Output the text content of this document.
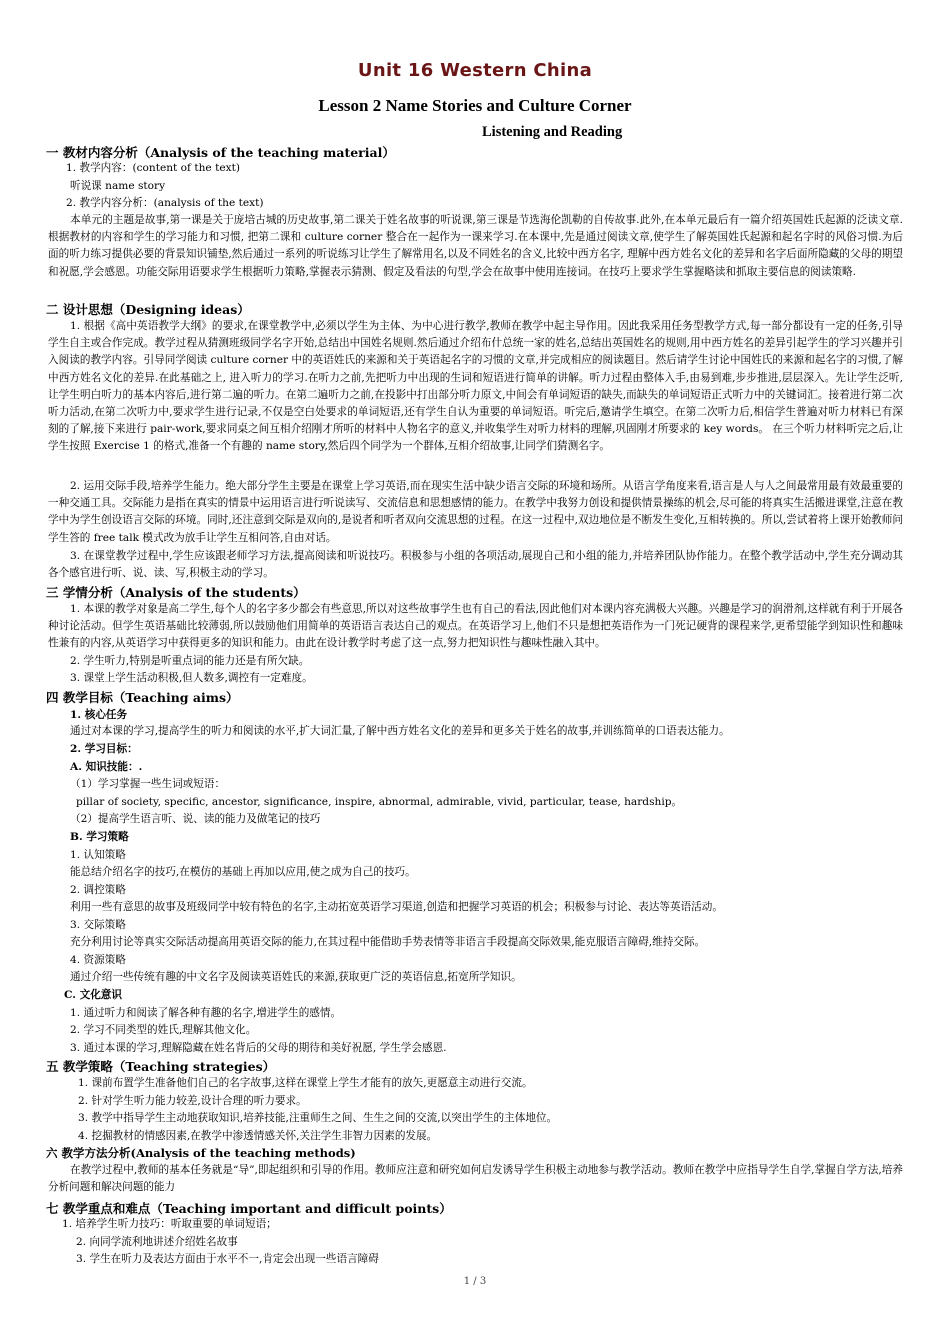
Unit 16 Western China
Lesson 2 Name Stories and Culture Corner
Listening and Reading
一 教材内容分析（Analysis of the teaching material）
1. 教学内容：(content of the text)
听说课 name story
2. 教学内容分析：(analysis of the text)
本单元的主题是故事,第一课是关于庞培古城的历史故事,第二课关于姓名故事的听说课,第三课是节选海伦凯勒的自传故事.此外,在本单元最后有一篇介绍英国姓氏起源的泛读文章. 根据教材的内容和学生的学习能力和习惯, 把第二课和 culture corner 整合在一起作为一课来学习.在本课中,先是通过阅读文章,使学生了解英国姓氏起源和起名字时的风俗习惯.为后面的听力练习提供必要的背景知识铺垫,然后通过一系列的听说练习让学生了解常用名,以及不同姓名的含义,比较中西方名字, 理解中西方姓名文化的差异和名字后面所隐藏的父母的期望和祝愿,学会感恩。功能交际用语要求学生根据听力策略,掌握表示猜测、假定及看法的句型,学会在故事中使用连接词。在技巧上要求学生掌握略读和抓取主要信息的阅读策略.
二 设计思想（Designing ideas）
1. 根据《高中英语教学大纲》的要求,在课堂教学中,必须以学生为主体、为中心进行教学,教师在教学中起主导作用。因此我采用任务型教学方式,每一部分都设有一定的任务,引导学生自主或合作完成。教学过程从猜测班级同学名字开始,总结出中国姓名规则.然后通过介绍布什总统一家的姓名,总结出英国姓名的规则,用中西方姓名的差异引起学生的学习兴趣并引入阅读的教学内容。引导同学阅读 culture corner 中的英语姓氏的来源和关于英语起名字的习惯的文章,并完成相应的阅读题目。然后请学生讨论中国姓氏的来源和起名字的习惯,了解中西方姓名文化的差异.在此基础之上, 进入听力的学习.在听力之前,先把听力中出现的生词和短语进行简单的讲解。听力过程由整体入手,由易到难,步步推进,层层深入。先让学生泛听,让学生明白听力的基本内容后,进行第二遍的听力。在第二遍听力之前,在投影中打出部分听力原文,中间会有单词短语的缺失,而缺失的单词短语正式听力中的关键词汇。接着进行第二次听力活动,在第二次听力中,要求学生进行记录,不仅是空白处要求的单词短语,还有学生自认为重要的单词短语。听完后,邀请学生填空。在第二次听力后,相信学生普遍对听力材料已有深刻的了解,接下来进行 pair-work,要求同桌之间互相介绍刚才所听的材料中人物名字的意义,并收集学生对听力材料的理解,巩固刚才所要求的 key words。 在三个听力材料听完之后,让学生按照 Exercise 1 的格式,准备一个有趣的 name story,然后四个同学为一个群体,互相介绍故事,让同学们猜测名字。
2. 运用交际手段,培养学生能力。绝大部分学生主要是在课堂上学习英语,而在现实生活中缺少语言交际的环境和场所。从语言学角度来看,语言是人与人之间最常用最有效最重要的一种交通工具。交际能力是指在真实的情景中运用语言进行听说读写、交流信息和思想感情的能力。在教学中我努力创设和提供情景操练的机会,尽可能的将真实生活搬进课堂,注意在教学中为学生创设语言交际的环境。同时,还注意到交际是双向的,是说者和听者双向交流思想的过程。在这一过程中,双边地位是不断发生变化,互相转换的。所以,尝试着将上课开始教师问学生答的 free talk 模式改为放手让学生互相问答,自由对话。
3. 在课堂教学过程中,学生应该跟老师学习方法,提高阅读和听说技巧。积极参与小组的各项活动,展现自己和小组的能力,并培养团队协作能力。在整个教学活动中,学生充分调动其各个感官进行听、说、读、写,积极主动的学习。
三 学情分析（Analysis of the students）
1. 本课的教学对象是高二学生,每个人的名字多少都会有些意思,所以对这些故事学生也有自己的看法,因此他们对本课内容充满极大兴趣。兴趣是学习的润滑剂,这样就有利于开展各种讨论活动。但学生英语基础比较薄弱,所以鼓励他们用简单的英语语言表达自己的观点。在英语学习上,他们不只是想把英语作为一门死记硬背的课程来学,更希望能学到知识性和趣味性兼有的内容,从英语学习中获得更多的知识和能力。由此在设计教学时考虑了这一点,努力把知识性与趣味性融入其中。
2. 学生听力,特别是听重点词的能力还是有所欠缺。
3. 课堂上学生活动积极,但人数多,调控有一定难度。
四 教学目标（Teaching aims）
1. 核心任务
通过对本课的学习,提高学生的听力和阅读的水平,扩大词汇量,了解中西方姓名文化的差异和更多关于姓名的故事,并训练简单的口语表达能力。
2. 学习目标：
A. 知识技能：.
（1）学习掌握一些生词或短语：
pillar of society, specific, ancestor, significance, inspire, abnormal, admirable, vivid, particular, tease, hardship。
（2）提高学生语言听、说、读的能力及做笔记的技巧
B. 学习策略
1. 认知策略
能总结介绍名字的技巧,在模仿的基础上再加以应用,使之成为自己的技巧。
2. 调控策略
利用一些有意思的故事及班级同学中较有特色的名字,主动拓宽英语学习渠道,创造和把握学习英语的机会；积极参与讨论、表达等英语活动。
3. 交际策略
充分利用讨论等真实交际活动提高用英语交际的能力,在其过程中能借助手势表情等非语言手段提高交际效果,能克服语言障碍,维持交际。
4. 资源策略
通过介绍一些传统有趣的中文名字及阅读英语姓氏的来源,获取更广泛的英语信息,拓宽所学知识。
C. 文化意识
1. 通过听力和阅读了解各种有趣的名字,增进学生的感情。
2. 学习不同类型的姓氏,理解其他文化。
3. 通过本课的学习,理解隐藏在姓名背后的父母的期待和美好祝愿, 学生学会感恩.
五 教学策略（Teaching strategies）
1. 课前布置学生准备他们自己的名字故事,这样在课堂上学生才能有的放矢,更愿意主动进行交流。
2. 针对学生听力能力较差,设计合理的听力要求。
3. 教学中指导学生主动地获取知识,培养技能,注重师生之间、生生之间的交流,以突出学生的主体地位。
4. 挖掘教材的情感因素,在教学中渗透情感关怀,关注学生非智力因素的发展。
六 教学方法分析(Analysis of the teaching methods)
在教学过程中,教师的基本任务就是“导”,即起组织和引导的作用。教师应注意和研究如何启发诱导学生积极主动地参与教学活动。教师在教学中应指导学生自学,掌握自学方法,培养分析问题和解决问题的能力
七 教学重点和难点（Teaching important and difficult points）
1. 培养学生听力技巧：听取重要的单词短语；
2. 向同学流利地讲述介绍姓名故事
3. 学生在听力及表达方面由于水平不一,肯定会出现一些语言障碍
1 / 3
